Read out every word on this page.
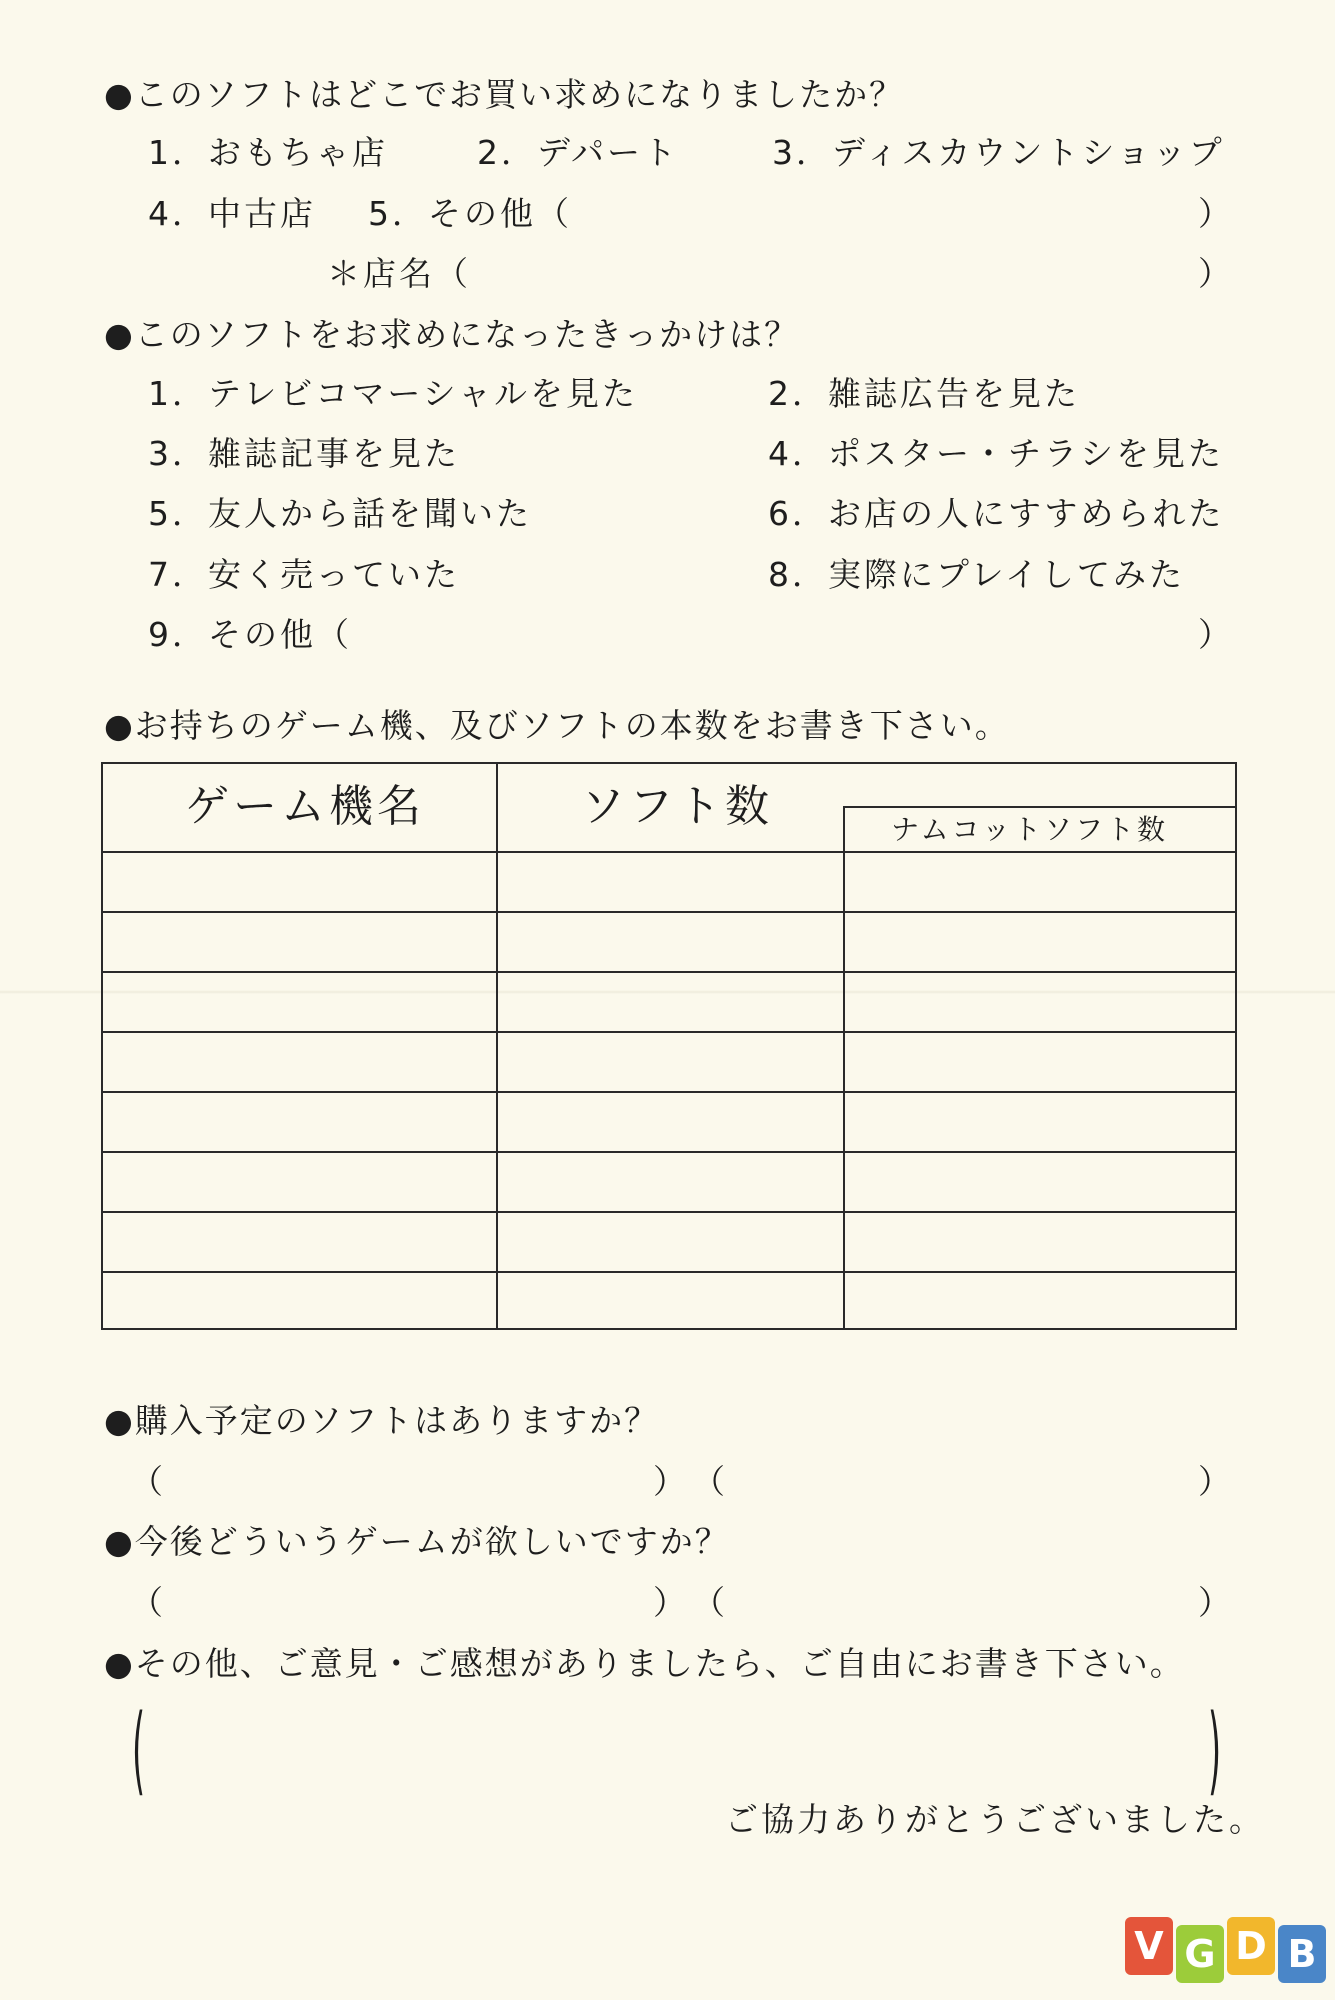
●このソフトはどこでお買い求めになりましたか？
1．おもちゃ店	2．デパート	3．ディスカウントショップ
4．中古店 5．その他（	）
＊店名（	）
●このソフトをお求めになったきっかけは？
1．テレビコマーシャルを見た	2．雑誌広告を見た
3．雑誌記事を見た	4．ポスター・チラシを見た
5．友人から話を聞いた	6．お店の人にすすめられた
7．安く売っていた	8．実際にプレイしてみた
9．その他（	）
●お持ちのゲーム機、及びソフトの本数をお書き下さい。
ゲーム機名	ソフト数	ナムコットソフト数
●購入予定のソフトはありますか？
（	） （	）
●今後どういうゲームが欲しいですか？
（	） （	）
●その他、ご意見・ご感想がありましたら、ご自由にお書き下さい。
(	)
ご協力ありがとうございました。
V G D B
